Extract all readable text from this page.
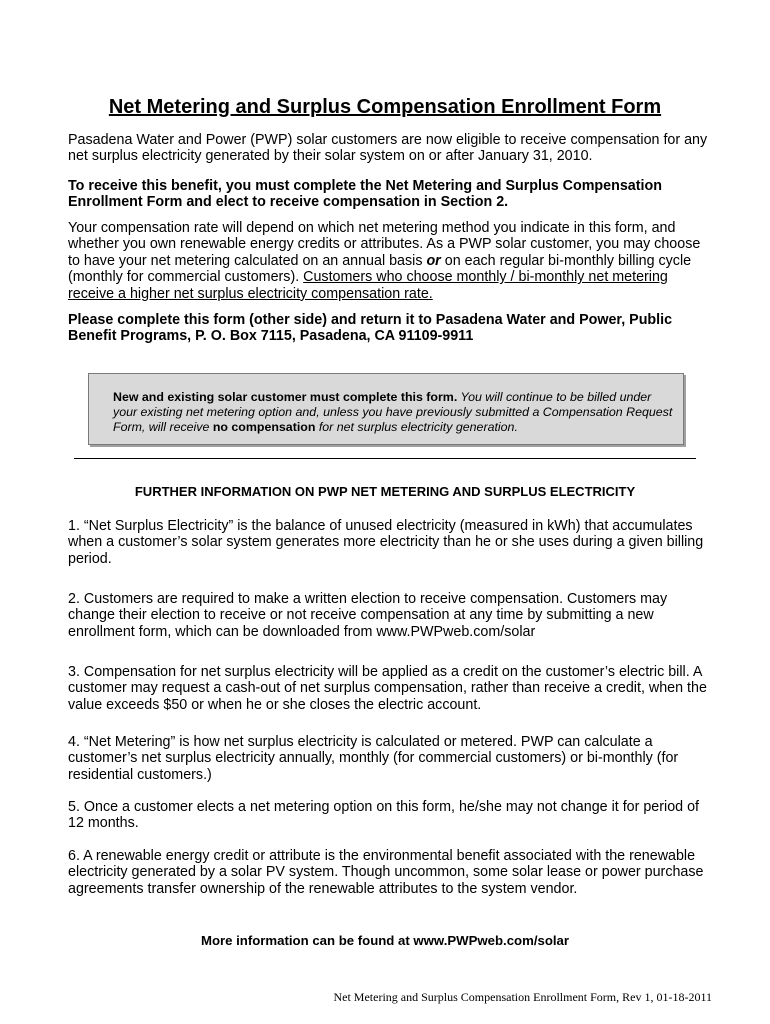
Net Metering and Surplus Compensation Enrollment Form

Pasadena Water and Power (PWP) solar customers are now eligible to receive compensation for any net surplus electricity generated by their solar system on or after January 31, 2010.

To receive this benefit, you must complete the Net Metering and Surplus Compensation Enrollment Form and elect to receive compensation in Section 2.

Your compensation rate will depend on which net metering method you indicate in this form, and whether you own renewable energy credits or attributes. As a PWP solar customer, you may choose to have your net metering calculated on an annual basis or on each regular bi-monthly billing cycle (monthly for commercial customers). Customers who choose monthly / bi-monthly net metering receive a higher net surplus electricity compensation rate.

Please complete this form (other side) and return it to Pasadena Water and Power, Public Benefit Programs, P. O. Box 7115, Pasadena, CA 91109-9911

New and existing solar customer must complete this form. You will continue to be billed under your existing net metering option and, unless you have previously submitted a Compensation Request Form, will receive no compensation for net surplus electricity generation.

FURTHER INFORMATION ON PWP NET METERING AND SURPLUS ELECTRICITY

1. “Net Surplus Electricity” is the balance of unused electricity (measured in kWh) that accumulates when a customer’s solar system generates more electricity than he or she uses during a given billing period.

2. Customers are required to make a written election to receive compensation. Customers may change their election to receive or not receive compensation at any time by submitting a new enrollment form, which can be downloaded from www.PWPweb.com/solar

3. Compensation for net surplus electricity will be applied as a credit on the customer’s electric bill. A customer may request a cash-out of net surplus compensation, rather than receive a credit, when the value exceeds $50 or when he or she closes the electric account.

4. “Net Metering” is how net surplus electricity is calculated or metered. PWP can calculate a customer’s net surplus electricity annually, monthly (for commercial customers) or bi-monthly (for residential customers.)

5. Once a customer elects a net metering option on this form, he/she may not change it for period of 12 months.

6. A renewable energy credit or attribute is the environmental benefit associated with the renewable electricity generated by a solar PV system. Though uncommon, some solar lease or power purchase agreements transfer ownership of the renewable attributes to the system vendor.

More information can be found at www.PWPweb.com/solar

Net Metering and Surplus Compensation Enrollment Form, Rev 1, 01-18-2011
